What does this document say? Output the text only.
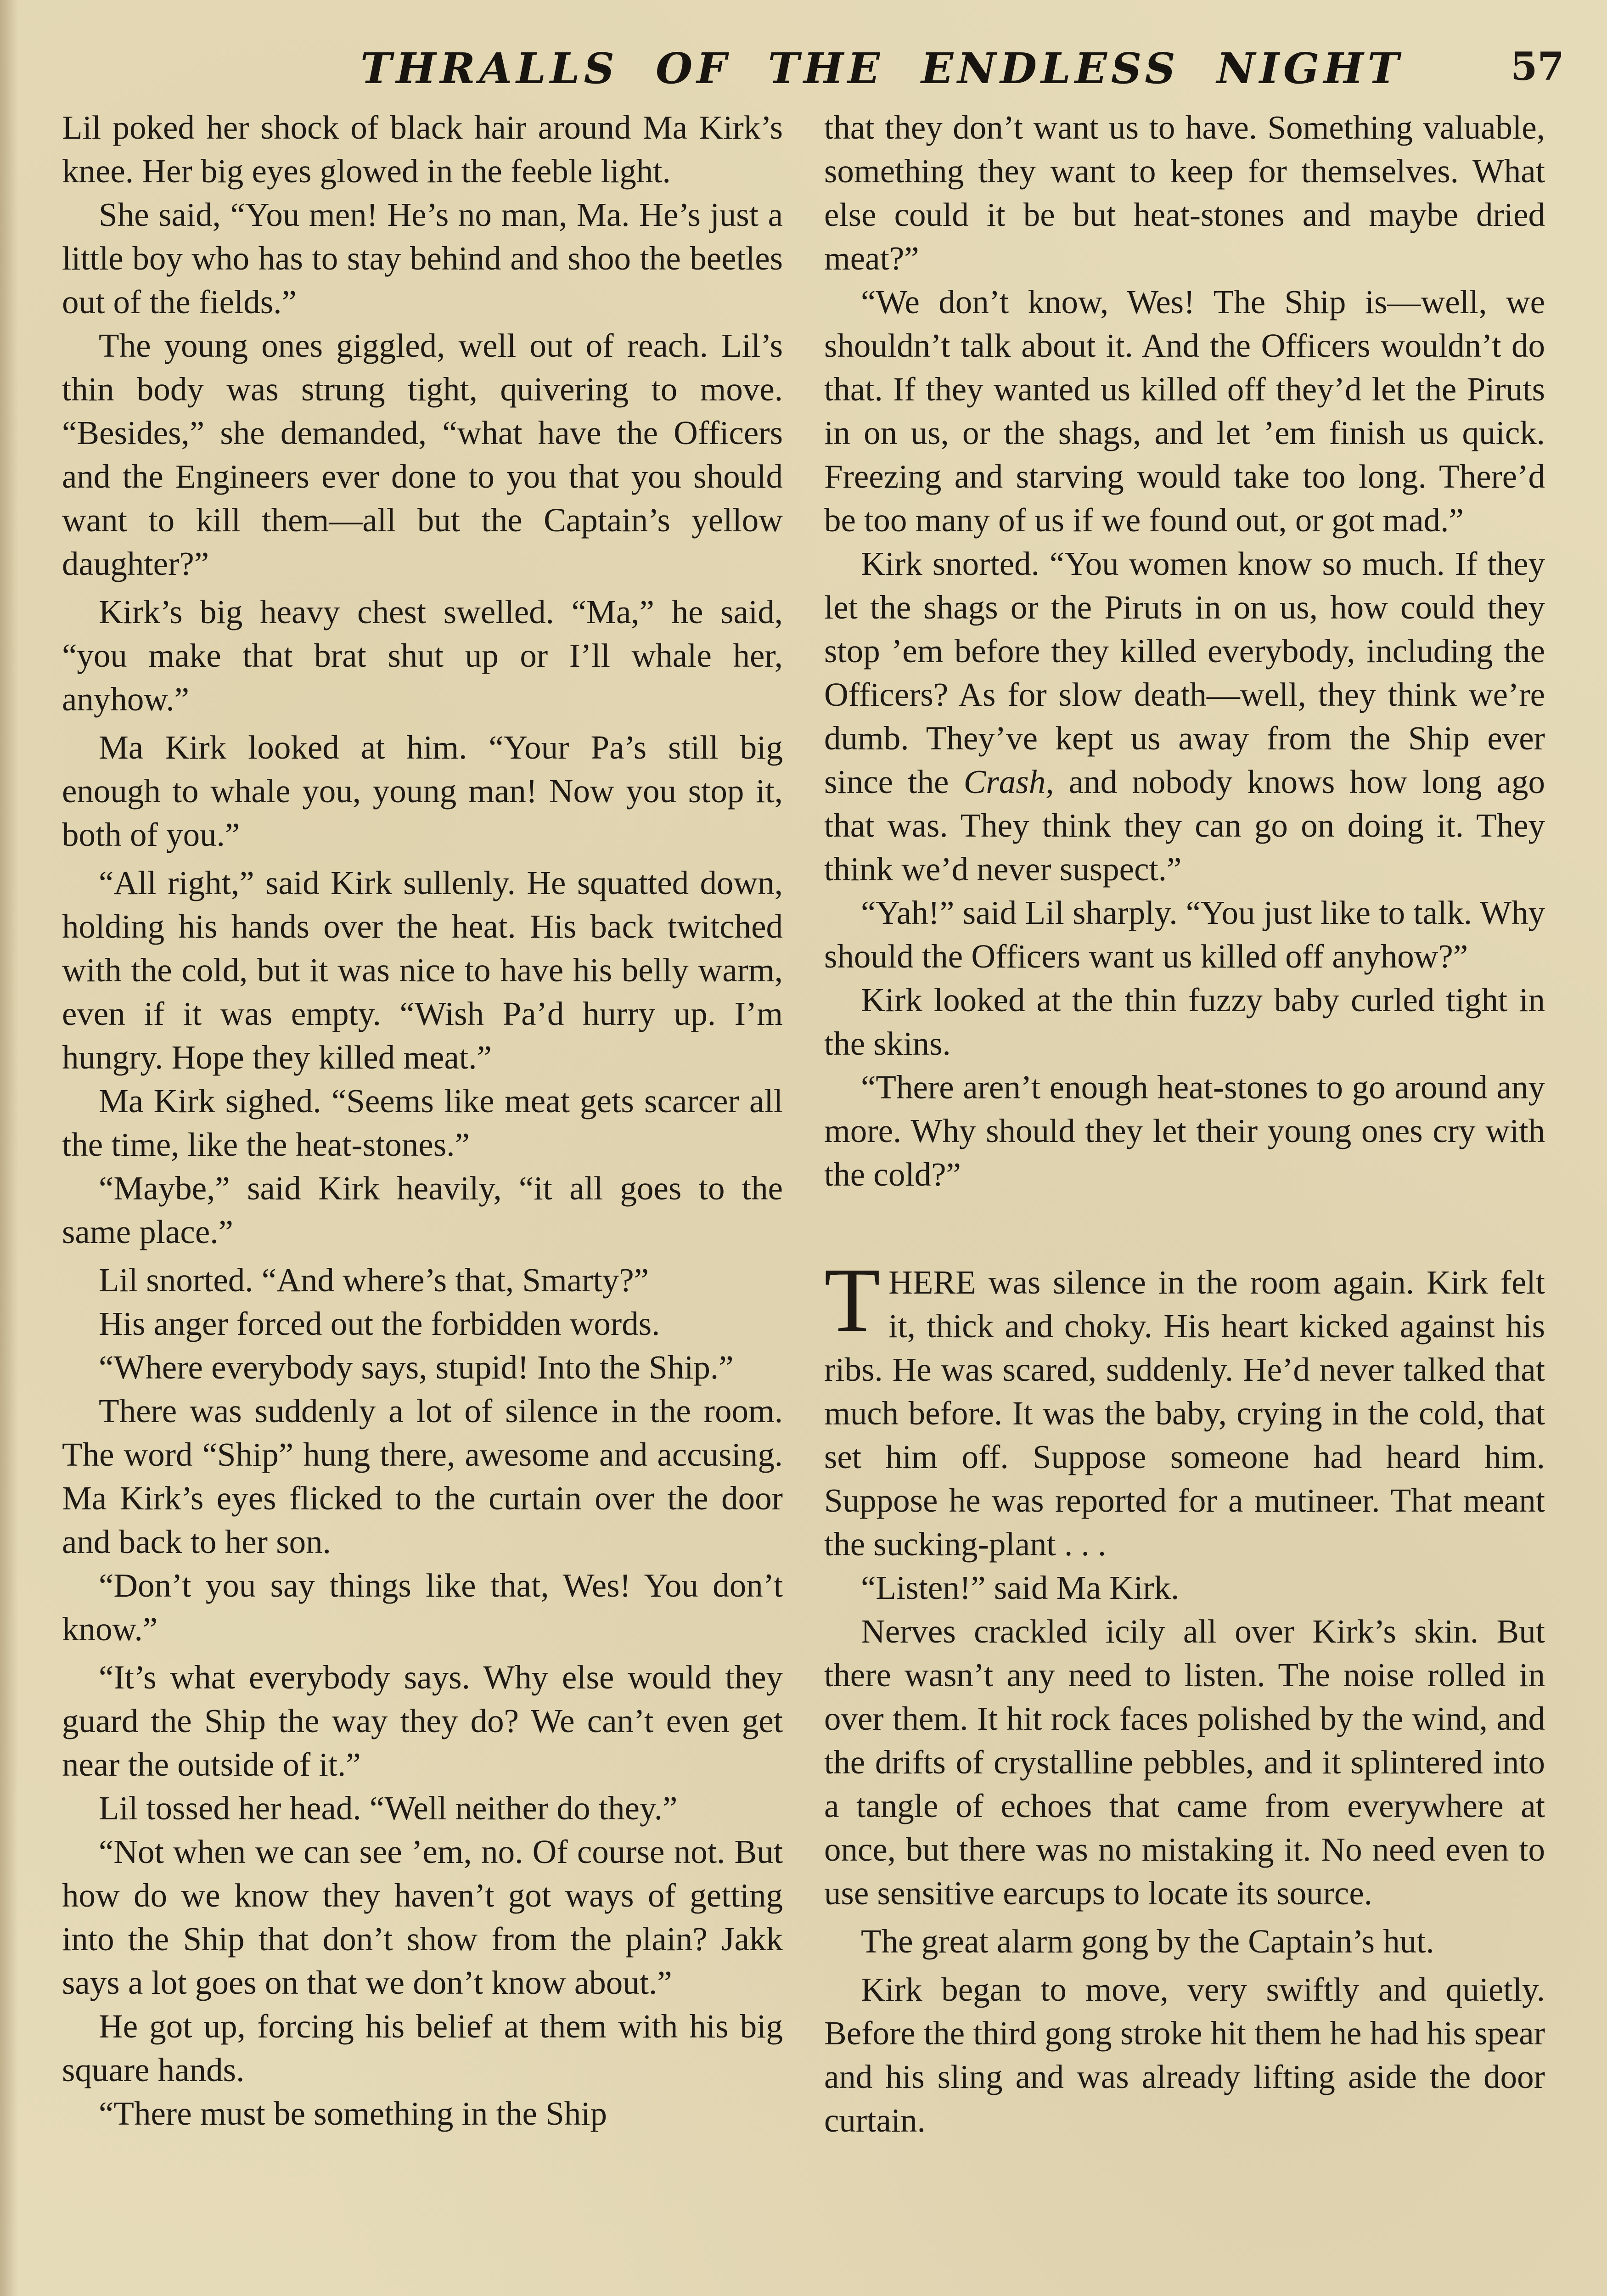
THRALLS OF THE ENDLESS NIGHT	57

Lil poked her shock of black hair around Ma Kirk’s knee. Her big eyes glowed in the feeble light.

She said, “You men! He’s no man, Ma. He’s just a little boy who has to stay behind and shoo the beetles out of the fields.”

The young ones giggled, well out of reach. Lil’s thin body was strung tight, quivering to move. “Besides,” she demanded, “what have the Officers and the Engineers ever done to you that you should want to kill them—all but the Captain’s yellow daughter?”

Kirk’s big heavy chest swelled. “Ma,” he said, “you make that brat shut up or I’ll whale her, anyhow.”

Ma Kirk looked at him. “Your Pa’s still big enough to whale you, young man! Now you stop it, both of you.”

“All right,” said Kirk sullenly. He squatted down, holding his hands over the heat. His back twitched with the cold, but it was nice to have his belly warm, even if it was empty. “Wish Pa’d hurry up. I’m hungry. Hope they killed meat.”

Ma Kirk sighed. “Seems like meat gets scarcer all the time, like the heat-stones.”

“Maybe,” said Kirk heavily, “it all goes to the same place.”

Lil snorted. “And where’s that, Smarty?”

His anger forced out the forbidden words.

“Where everybody says, stupid! Into the Ship.”

There was suddenly a lot of silence in the room. The word “Ship” hung there, awesome and accusing. Ma Kirk’s eyes flicked to the curtain over the door and back to her son.

“Don’t you say things like that, Wes! You don’t know.”

“It’s what everybody says. Why else would they guard the Ship the way they do? We can’t even get near the outside of it.”

Lil tossed her head. “Well neither do they.”

“Not when we can see ’em, no. Of course not. But how do we know they haven’t got ways of getting into the Ship that don’t show from the plain? Jakk says a lot goes on that we don’t know about.”

He got up, forcing his belief at them with his big square hands.

“There must be something in the Ship

that they don’t want us to have. Something valuable, something they want to keep for themselves. What else could it be but heat-stones and maybe dried meat?”

“We don’t know, Wes! The Ship is—well, we shouldn’t talk about it. And the Officers wouldn’t do that. If they wanted us killed off they’d let the Piruts in on us, or the shags, and let ’em finish us quick. Freezing and starving would take too long. There’d be too many of us if we found out, or got mad.”

Kirk snorted. “You women know so much. If they let the shags or the Piruts in on us, how could they stop ’em before they killed everybody, including the Officers? As for slow death—well, they think we’re dumb. They’ve kept us away from the Ship ever since the Crash, and nobody knows how long ago that was. They think they can go on doing it. They think we’d never suspect.”

“Yah!” said Lil sharply. “You just like to talk. Why should the Officers want us killed off anyhow?”

Kirk looked at the thin fuzzy baby curled tight in the skins.

“There aren’t enough heat-stones to go around any more. Why should they let their young ones cry with the cold?”

THERE was silence in the room again. Kirk felt it, thick and choky. His heart kicked against his ribs. He was scared, suddenly. He’d never talked that much before. It was the baby, crying in the cold, that set him off. Suppose someone had heard him. Suppose he was reported for a mutineer. That meant the sucking-plant . . .

“Listen!” said Ma Kirk.

Nerves crackled icily all over Kirk’s skin. But there wasn’t any need to listen. The noise rolled in over them. It hit rock faces polished by the wind, and the drifts of crystalline pebbles, and it splintered into a tangle of echoes that came from everywhere at once, but there was no mistaking it. No need even to use sensitive earcups to locate its source.

The great alarm gong by the Captain’s hut.

Kirk began to move, very swiftly and quietly. Before the third gong stroke hit them he had his spear and his sling and was already lifting aside the door curtain.
